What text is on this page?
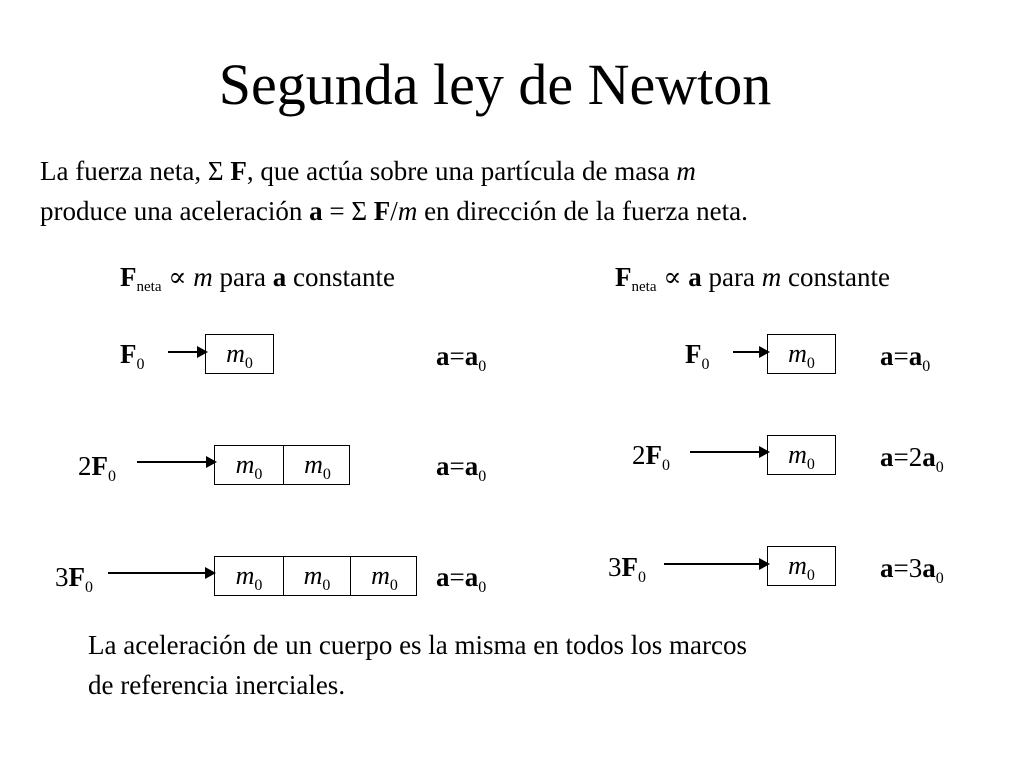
Segunda ley de Newton
La fuerza neta, Σ F, que actúa sobre una partícula de masa m
produce una aceleración a = Σ F/m en dirección de la fuerza neta.
$F_{neta} \propto m$ para a constante	$F_{neta} \propto a$ para m constante
$F_0$	$m_0$	$a=a_0$
$2F_0$	$m_0$	$m_0$	$a=a_0$
$3F_0$	$m_0$	$m_0$	$m_0$	$a=a_0$
$F_0$	$m_0$	$a=a_0$
$2F_0$	$m_0$	$a=2a_0$
$3F_0$	$m_0$	$a=3a_0$
La aceleración de un cuerpo es la misma en todos los marcos
de referencia inerciales.
